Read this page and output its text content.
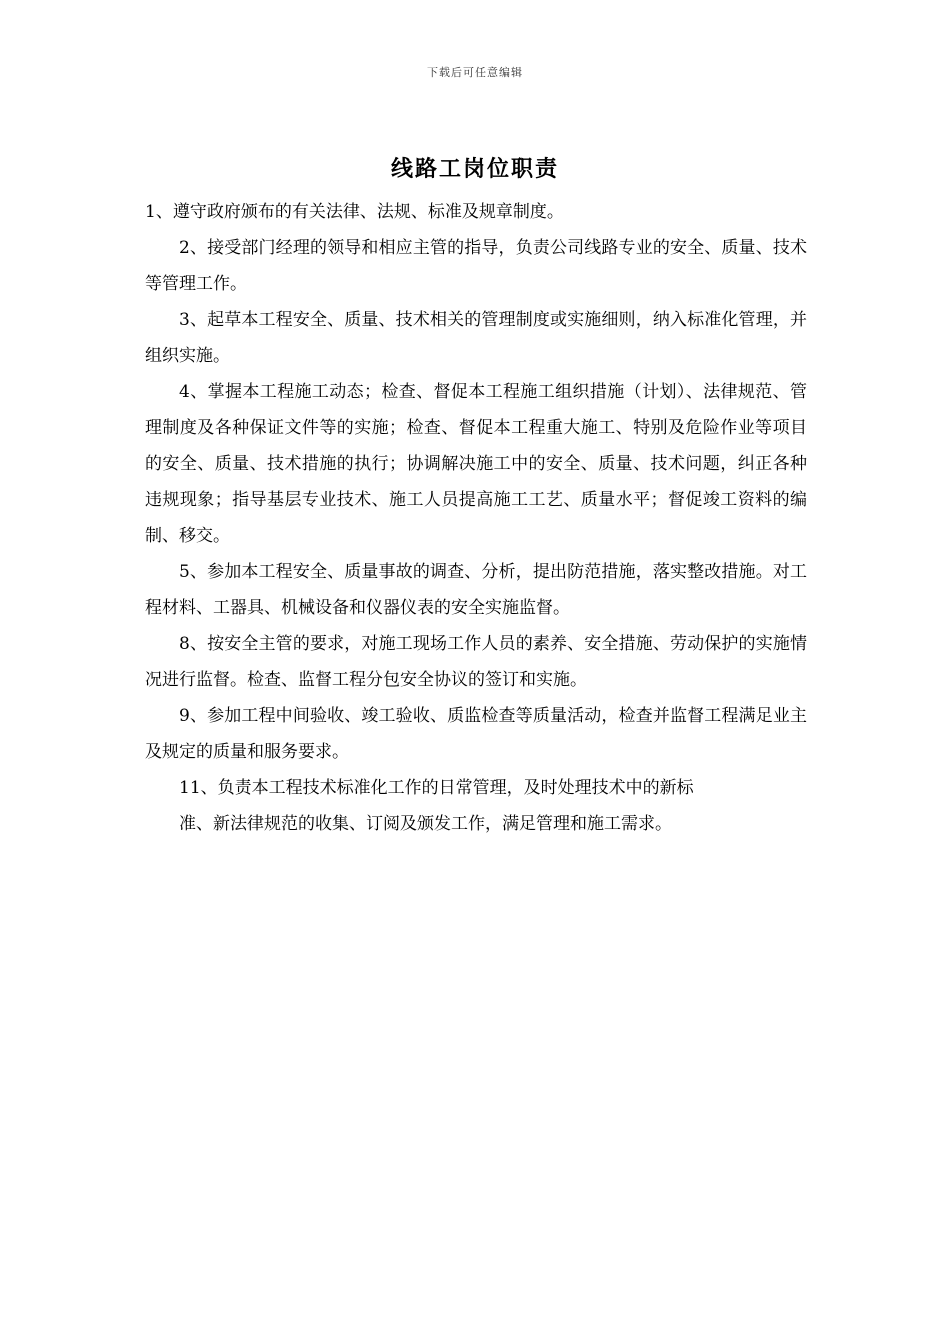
下载后可任意编辑
线路工岗位职责

1、遵守政府颁布的有关法律、法规、标准及规章制度。

2、接受部门经理的领导和相应主管的指导，负责公司线路专业的安全、质量、技术等管理工作。

3、起草本工程安全、质量、技术相关的管理制度或实施细则，纳入标准化管理，并组织实施。

4、掌握本工程施工动态；检查、督促本工程施工组织措施（计划）、法律规范、管理制度及各种保证文件等的实施；检查、督促本工程重大施工、特别及危险作业等项目的安全、质量、技术措施的执行；协调解决施工中的安全、质量、技术问题，纠正各种违规现象；指导基层专业技术、施工人员提高施工工艺、质量水平；督促竣工资料的编制、移交。

5、参加本工程安全、质量事故的调查、分析，提出防范措施，落实整改措施。对工程材料、工器具、机械设备和仪器仪表的安全实施监督。

8、按安全主管的要求，对施工现场工作人员的素养、安全措施、劳动保护的实施情况进行监督。检查、监督工程分包安全协议的签订和实施。

9、参加工程中间验收、竣工验收、质监检查等质量活动，检查并监督工程满足业主及规定的质量和服务要求。

11、负责本工程技术标准化工作的日常管理，及时处理技术中的新标
准、新法律规范的收集、订阅及颁发工作，满足管理和施工需求。
